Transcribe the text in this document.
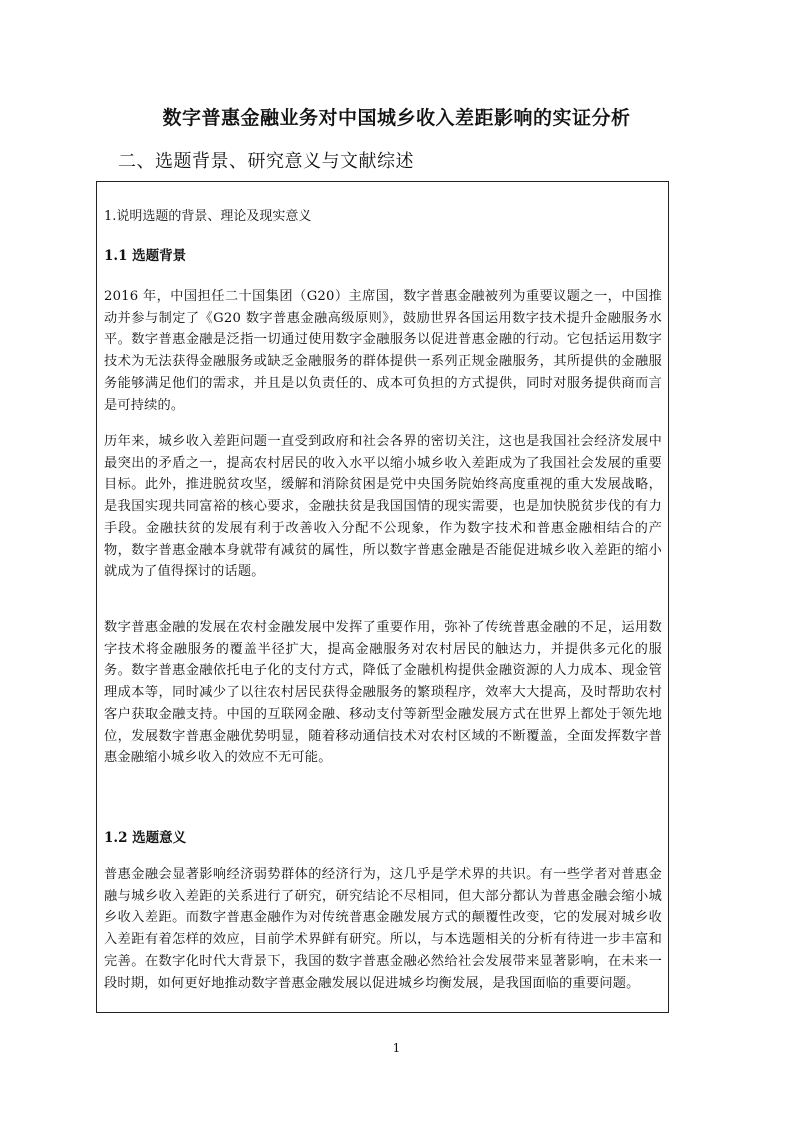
数字普惠金融业务对中国城乡收入差距影响的实证分析
二、选题背景、研究意义与文献综述
1.说明选题的背景、理论及现实意义
1.1 选题背景
2016 年，中国担任二十国集团（G20）主席国，数字普惠金融被列为重要议题之一，中国推动并参与制定了《G20 数字普惠金融高级原则》，鼓励世界各国运用数字技术提升金融服务水平。数字普惠金融是泛指一切通过使用数字金融服务以促进普惠金融的行动。它包括运用数字技术为无法获得金融服务或缺乏金融服务的群体提供一系列正规金融服务，其所提供的金融服务能够满足他们的需求，并且是以负责任的、成本可负担的方式提供，同时对服务提供商而言是可持续的。
历年来，城乡收入差距问题一直受到政府和社会各界的密切关注，这也是我国社会经济发展中最突出的矛盾之一，提高农村居民的收入水平以缩小城乡收入差距成为了我国社会发展的重要目标。此外，推进脱贫攻坚，缓解和消除贫困是党中央国务院始终高度重视的重大发展战略，是我国实现共同富裕的核心要求，金融扶贫是我国国情的现实需要，也是加快脱贫步伐的有力手段。金融扶贫的发展有利于改善收入分配不公现象，作为数字技术和普惠金融相结合的产物，数字普惠金融本身就带有减贫的属性，所以数字普惠金融是否能促进城乡收入差距的缩小就成为了值得探讨的话题。
数字普惠金融的发展在农村金融发展中发挥了重要作用，弥补了传统普惠金融的不足，运用数字技术将金融服务的覆盖半径扩大，提高金融服务对农村居民的触达力，并提供多元化的服务。数字普惠金融依托电子化的支付方式，降低了金融机构提供金融资源的人力成本、现金管理成本等，同时减少了以往农村居民获得金融服务的繁琐程序，效率大大提高，及时帮助农村客户获取金融支持。中国的互联网金融、移动支付等新型金融发展方式在世界上都处于领先地位，发展数字普惠金融优势明显，随着移动通信技术对农村区域的不断覆盖，全面发挥数字普惠金融缩小城乡收入的效应不无可能。
1.2 选题意义
普惠金融会显著影响经济弱势群体的经济行为，这几乎是学术界的共识。有一些学者对普惠金融与城乡收入差距的关系进行了研究，研究结论不尽相同，但大部分都认为普惠金融会缩小城乡收入差距。而数字普惠金融作为对传统普惠金融发展方式的颠覆性改变，它的发展对城乡收入差距有着怎样的效应，目前学术界鲜有研究。所以，与本选题相关的分析有待进一步丰富和完善。在数字化时代大背景下，我国的数字普惠金融必然给社会发展带来显著影响，在未来一段时期，如何更好地推动数字普惠金融发展以促进城乡均衡发展，是我国面临的重要问题。
1
